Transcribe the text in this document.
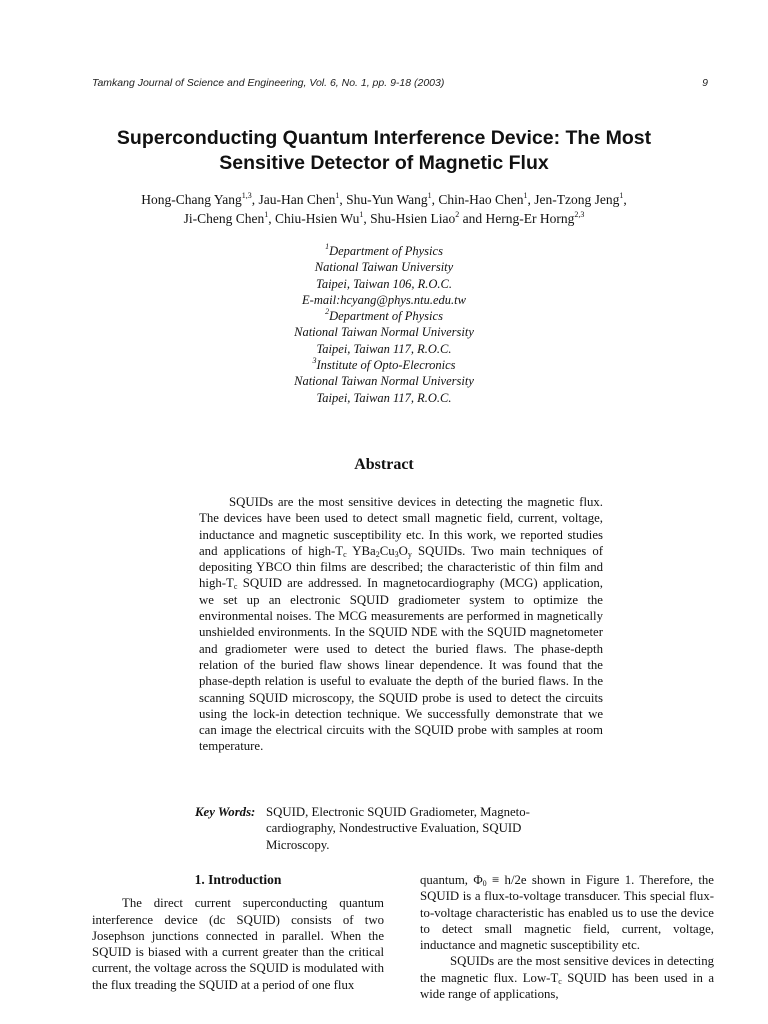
Tamkang Journal of Science and Engineering, Vol. 6, No. 1, pp. 9-18 (2003)	9
Superconducting Quantum Interference Device: The Most
Sensitive Detector of Magnetic Flux
Hong-Chang Yang$^{1,3}$, Jau-Han Chen$^1$, Shu-Yun Wang$^1$, Chin-Hao Chen$^1$, Jen-Tzong Jeng$^1$,
Ji-Cheng Chen$^1$, Chiu-Hsien Wu$^1$, Shu-Hsien Liao$^2$ and Herng-Er Horng$^{2,3}$
$^1$Department of Physics
National Taiwan University
Taipei, Taiwan 106, R.O.C.
E-mail:hcyang@phys.ntu.edu.tw
$^2$Department of Physics
National Taiwan Normal University
Taipei, Taiwan 117, R.O.C.
$^3$Institute of Opto-Elecronics
National Taiwan Normal University
Taipei, Taiwan 117, R.O.C.
Abstract

SQUIDs are the most sensitive devices in detecting the magnetic flux. The devices have been used to detect small magnetic field, current, voltage, inductance and magnetic susceptibility etc. In this work, we reported studies and applications of high-$T_c$ $YBa_2Cu_3O_y$ SQUIDs. Two main techniques of depositing YBCO thin films are described; the characteristic of thin film and high-$T_c$ SQUID are addressed. In magnetocardiography (MCG) application, we set up an electronic SQUID gradiometer system to optimize the environmental noises. The MCG measurements are performed in magnetically unshielded environments. In the SQUID NDE with the SQUID magnetometer and gradiometer were used to detect the buried flaws. The phase-depth relation of the buried flaw shows linear dependence. It was found that the phase-depth relation is useful to evaluate the depth of the buried flaws. In the scanning SQUID microscopy, the SQUID probe is used to detect the circuits using the lock-in detection technique. We successfully demonstrate that we can image the electrical circuits with the SQUID probe with samples at room temperature.

Key Words: SQUID, Electronic SQUID Gradiometer, Magneto-cardiography, Nondestructive Evaluation, SQUID Microscopy.
1. Introduction

The direct current superconducting quantum interference device (dc SQUID) consists of two Josephson junctions connected in parallel. When the SQUID is biased with a current greater than the critical current, the voltage across the SQUID is modulated with the flux treading the SQUID at a period of one flux

quantum, $\Phi_0 \equiv h/2e$ shown in Figure 1. Therefore, the SQUID is a flux-to-voltage transducer. This special flux-to-voltage characteristic has enabled us to use the device to detect small magnetic field, current, voltage, inductance and magnetic susceptibility etc.

SQUIDs are the most sensitive devices in detecting the magnetic flux. Low-$T_c$ SQUID has been used in a wide range of applications,
